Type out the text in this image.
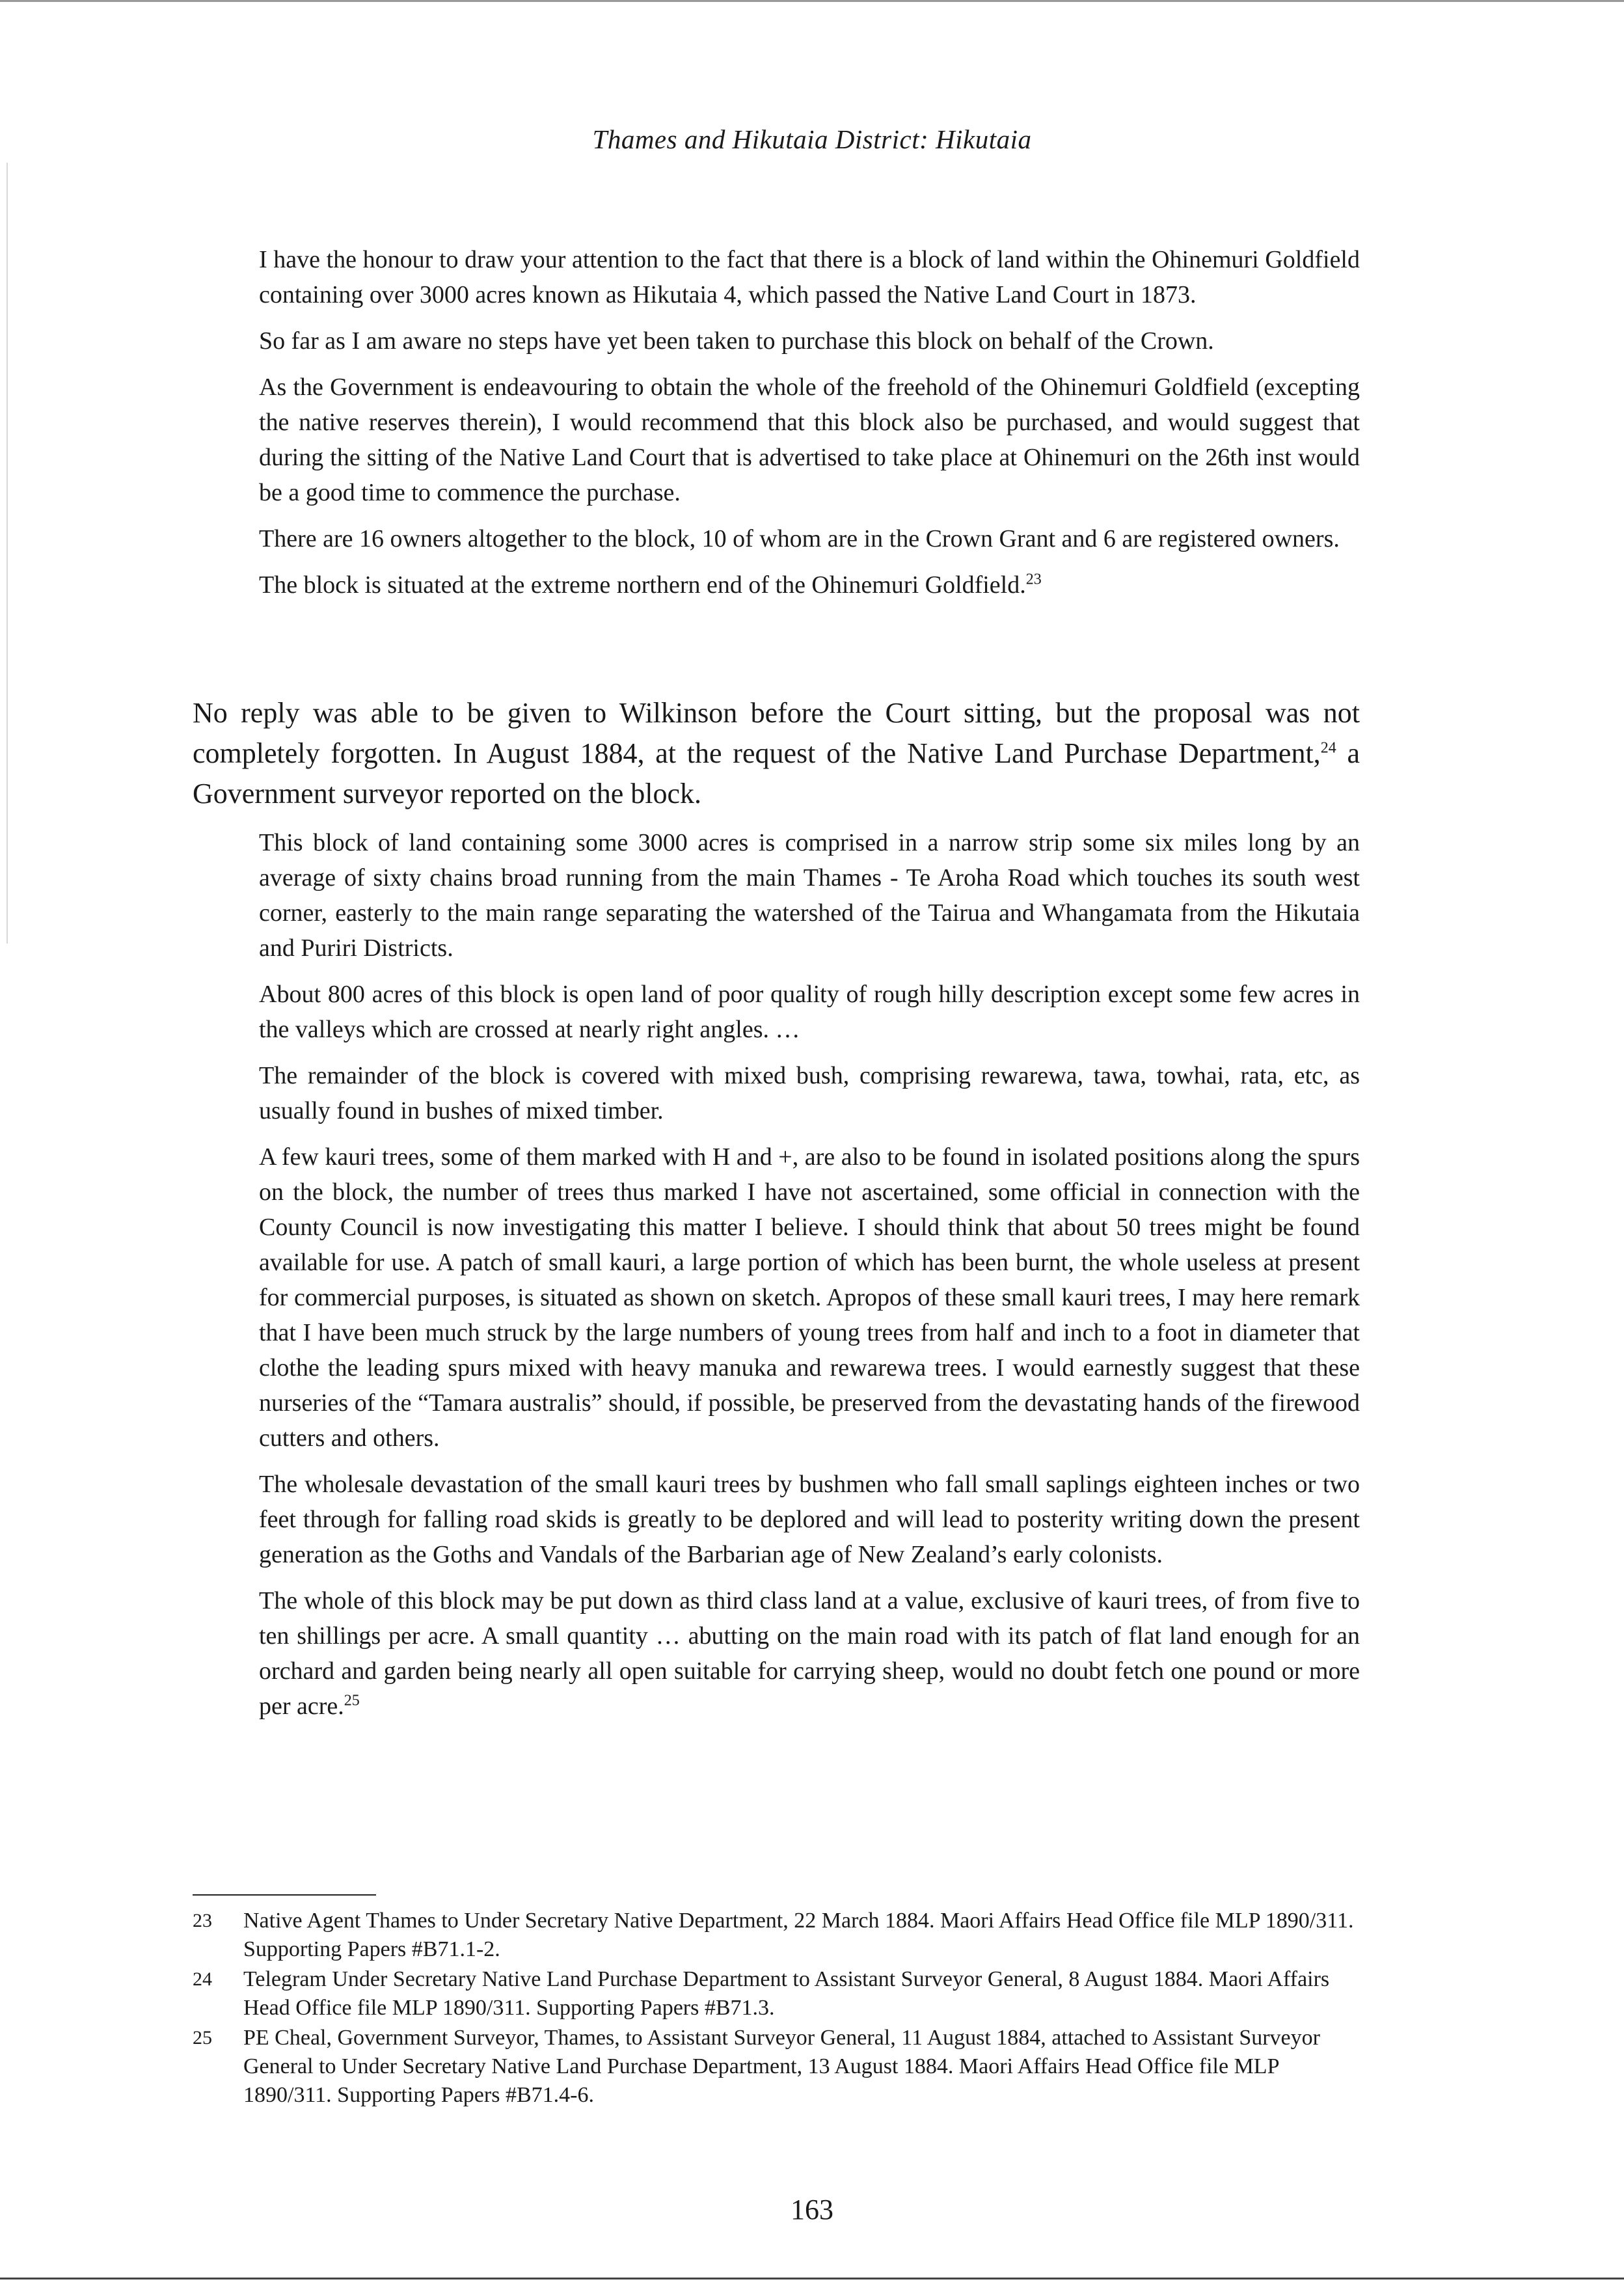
Thames and Hikutaia District: Hikutaia

I have the honour to draw your attention to the fact that there is a block of land within the Ohinemuri Goldfield containing over 3000 acres known as Hikutaia 4, which passed the Native Land Court in 1873.

So far as I am aware no steps have yet been taken to purchase this block on behalf of the Crown.

As the Government is endeavouring to obtain the whole of the freehold of the Ohinemuri Goldfield (excepting the native reserves therein), I would recommend that this block also be purchased, and would suggest that during the sitting of the Native Land Court that is advertised to take place at Ohinemuri on the 26th inst would be a good time to commence the purchase.

There are 16 owners altogether to the block, 10 of whom are in the Crown Grant and 6 are registered owners.

The block is situated at the extreme northern end of the Ohinemuri Goldfield.$^{23}$

No reply was able to be given to Wilkinson before the Court sitting, but the proposal was not completely forgotten. In August 1884, at the request of the Native Land Purchase Department,$^{24}$ a Government surveyor reported on the block.

This block of land containing some 3000 acres is comprised in a narrow strip some six miles long by an average of sixty chains broad running from the main Thames - Te Aroha Road which touches its south west corner, easterly to the main range separating the watershed of the Tairua and Whangamata from the Hikutaia and Puriri Districts.

About 800 acres of this block is open land of poor quality of rough hilly description except some few acres in the valleys which are crossed at nearly right angles. …

The remainder of the block is covered with mixed bush, comprising rewarewa, tawa, towhai, rata, etc, as usually found in bushes of mixed timber.

A few kauri trees, some of them marked with H and +, are also to be found in isolated positions along the spurs on the block, the number of trees thus marked I have not ascertained, some official in connection with the County Council is now investigating this matter I believe. I should think that about 50 trees might be found available for use. A patch of small kauri, a large portion of which has been burnt, the whole useless at present for commercial purposes, is situated as shown on sketch. Apropos of these small kauri trees, I may here remark that I have been much struck by the large numbers of young trees from half and inch to a foot in diameter that clothe the leading spurs mixed with heavy manuka and rewarewa trees. I would earnestly suggest that these nurseries of the “Tamara australis” should, if possible, be preserved from the devastating hands of the firewood cutters and others.

The wholesale devastation of the small kauri trees by bushmen who fall small saplings eighteen inches or two feet through for falling road skids is greatly to be deplored and will lead to posterity writing down the present generation as the Goths and Vandals of the Barbarian age of New Zealand’s early colonists.

The whole of this block may be put down as third class land at a value, exclusive of kauri trees, of from five to ten shillings per acre. A small quantity … abutting on the main road with its patch of flat land enough for an orchard and garden being nearly all open suitable for carrying sheep, would no doubt fetch one pound or more per acre.$^{25}$

23	Native Agent Thames to Under Secretary Native Department, 22 March 1884. Maori Affairs Head Office file MLP 1890/311. Supporting Papers #B71.1-2.
24	Telegram Under Secretary Native Land Purchase Department to Assistant Surveyor General, 8 August 1884. Maori Affairs Head Office file MLP 1890/311. Supporting Papers #B71.3.
25	PE Cheal, Government Surveyor, Thames, to Assistant Surveyor General, 11 August 1884, attached to Assistant Surveyor General to Under Secretary Native Land Purchase Department, 13 August 1884. Maori Affairs Head Office file MLP 1890/311. Supporting Papers #B71.4-6.
163
